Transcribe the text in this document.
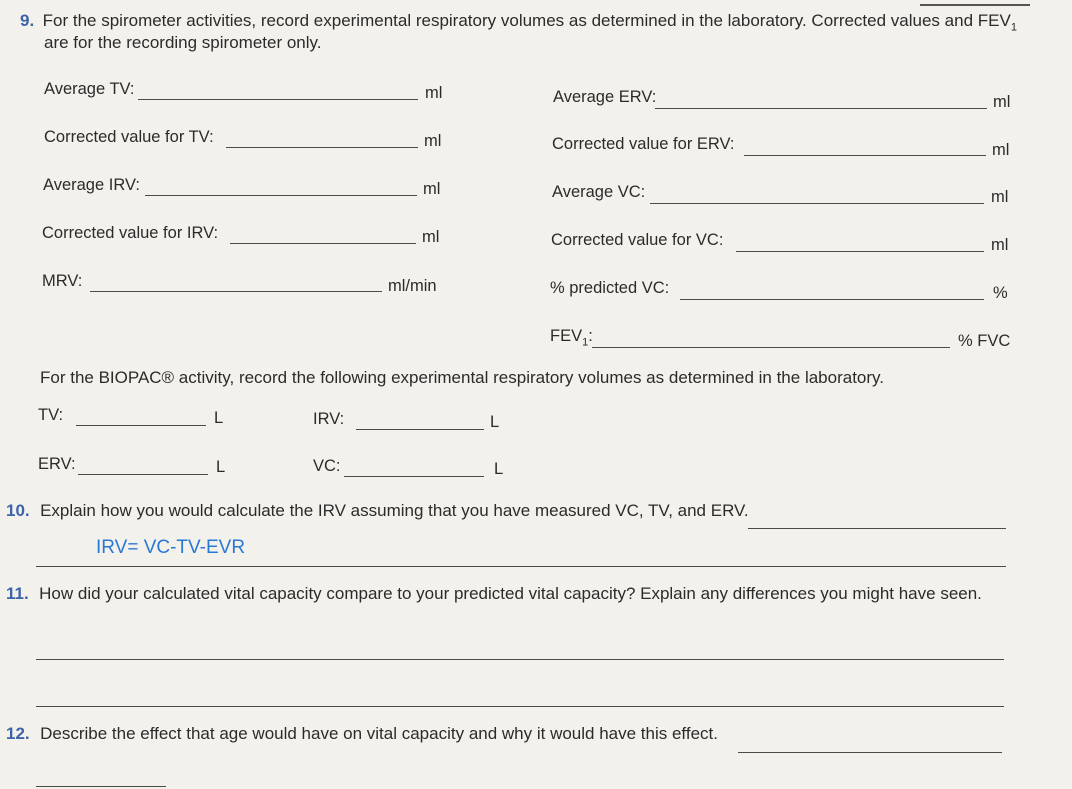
9. For the spirometer activities, record experimental respiratory volumes as determined in the laboratory. Corrected values and $FEV_1$
are for the recording spirometer only.
Average TV:	ml
Corrected value for TV:	ml
Average IRV:	ml
Corrected value for IRV:	ml
MRV:	ml/min
Average ERV:	ml
Corrected value for ERV:	ml
Average VC:	ml
Corrected value for VC:	ml
% predicted VC:	%
$FEV_1$:	% FVC
For the BIOPAC® activity, record the following experimental respiratory volumes as determined in the laboratory.
TV:	L	IRV:	L
ERV:	L	VC:	L
10. Explain how you would calculate the IRV assuming that you have measured VC, TV, and ERV.
IRV= VC-TV-EVR
11. How did your calculated vital capacity compare to your predicted vital capacity? Explain any differences you might have seen.
12. Describe the effect that age would have on vital capacity and why it would have this effect.
